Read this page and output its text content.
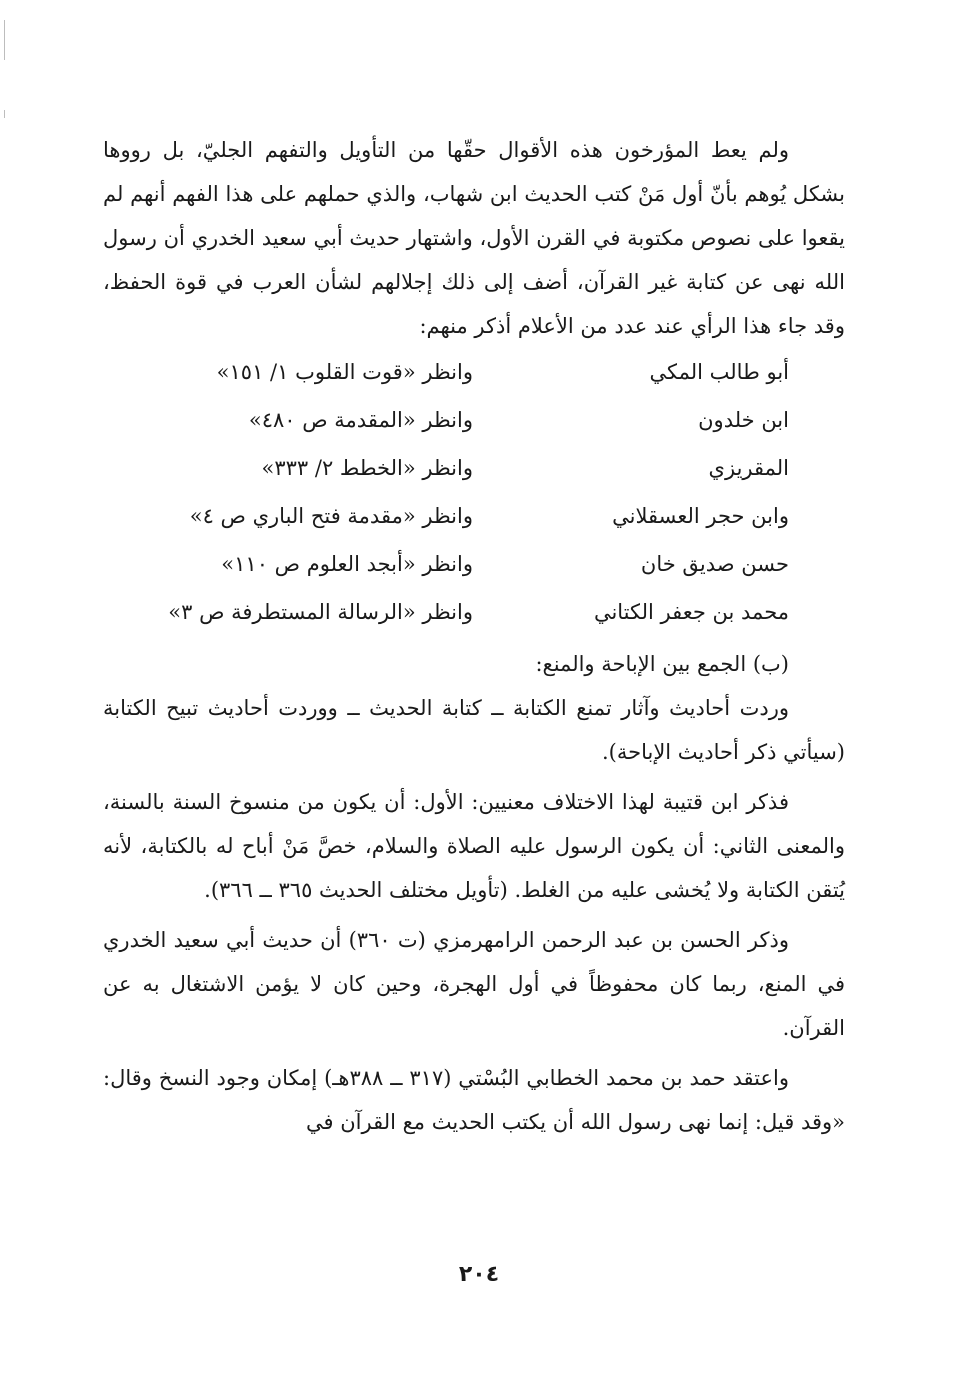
ولم يعط المؤرخون هذه الأقوال حقّها من التأويل والتفهم الجليّ، بل رووها بشكل يُوهم بأنّ أول مَنْ كتب الحديث ابن شهاب، والذي حملهم على هذا الفهم أنهم لم يقعوا على نصوص مكتوبة في القرن الأول، واشتهار حديث أبي سعيد الخدري أن رسول الله نهى عن كتابة غير القرآن، أضف إلى ذلك إجلالهم لشأن العرب في قوة الحفظ، وقد جاء هذا الرأي عند عدد من الأعلام أذكر منهم:

أبو طالب المكي
وانظر «قوت القلوب ١/ ١٥١»
ابن خلدون
وانظر «المقدمة ص ٤٨٠»
المقريزي
وانظر «الخطط ٢/ ٣٣٣»
وابن حجر العسقلاني
وانظر «مقدمة فتح الباري ص ٤»
حسن صديق خان
وانظر «أبجد العلوم ص ١١٠»
محمد بن جعفر الكتاني
وانظر «الرسالة المستطرفة ص ٣»

(ب) الجمع بين الإباحة والمنع:

وردت أحاديث وآثار تمنع الكتابة ــ كتابة الحديث ــ ووردت أحاديث تبيح الكتابة (سيأتي ذكر أحاديث الإباحة).

فذكر ابن قتيبة لهذا الاختلاف معنيين: الأول: أن يكون من منسوخ السنة بالسنة، والمعنى الثاني: أن يكون الرسول عليه الصلاة والسلام، خصَّ مَنْ أباح له بالكتابة، لأنه يُتقن الكتابة ولا يُخشى عليه من الغلط. (تأويل مختلف الحديث ٣٦٥ ــ ٣٦٦).

وذكر الحسن بن عبد الرحمن الرامهرمزي (ت ٣٦٠) أن حديث أبي سعيد الخدري في المنع، ربما كان محفوظاً في أول الهجرة، وحين كان لا يؤمن الاشتغال به عن القرآن.

واعتقد حمد بن محمد الخطابي البُسْتي (٣١٧ ــ ٣٨٨هـ) إمكان وجود النسخ وقال: «وقد قيل: إنما نهى رسول الله أن يكتب الحديث مع القرآن في

٢٠٤
